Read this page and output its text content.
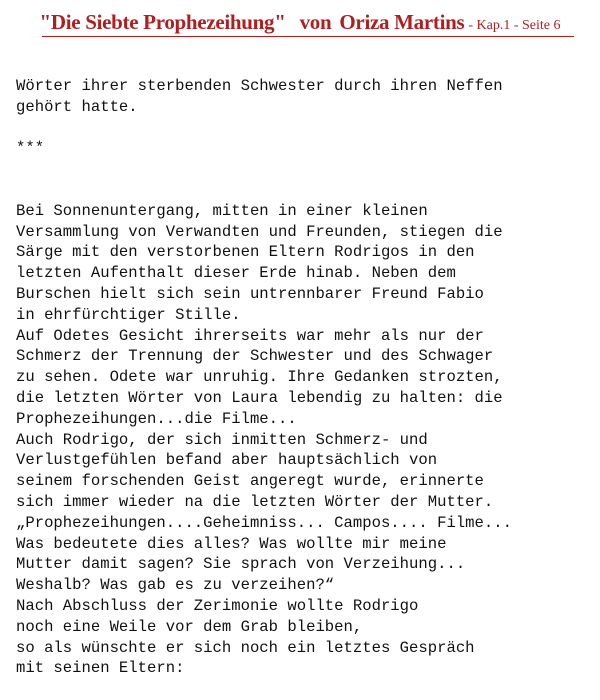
"Die Siebte Prophezeihung" von Oriza Martins - Kap.1 - Seite 6
Wörter ihrer sterbenden Schwester durch ihren Neffen
gehört hatte.
***
Bei Sonnenuntergang, mitten in einer kleinen
Versammlung von Verwandten und Freunden, stiegen die
Särge mit den verstorbenen Eltern Rodrigos in den
letzten Aufenthalt dieser Erde hinab. Neben dem
Burschen hielt sich sein untrennbarer Freund Fabio
in ehrfürchtiger Stille.
Auf Odetes Gesicht ihrerseits war mehr als nur der
Schmerz der Trennung der Schwester und des Schwager
zu sehen. Odete war unruhig. Ihre Gedanken strozten,
die letzten Wörter von Laura lebendig zu halten: die
Prophezeihungen...die Filme...
Auch Rodrigo, der sich inmitten Schmerz- und
Verlustgefühlen befand aber hauptsächlich von
seinem forschenden Geist angeregt wurde, erinnerte
sich immer wieder na die letzten Wörter der Mutter.
„Prophezeihungen....Geheimniss... Campos.... Filme...
Was bedeutete dies alles? Was wollte mir meine
Mutter damit sagen? Sie sprach von Verzeihung...
Weshalb? Was gab es zu verzeihen?“
Nach Abschluss der Zerimonie wollte Rodrigo
noch eine Weile vor dem Grab bleiben,
so als wünschte er sich noch ein letztes Gespräch
mit seinen Eltern:
